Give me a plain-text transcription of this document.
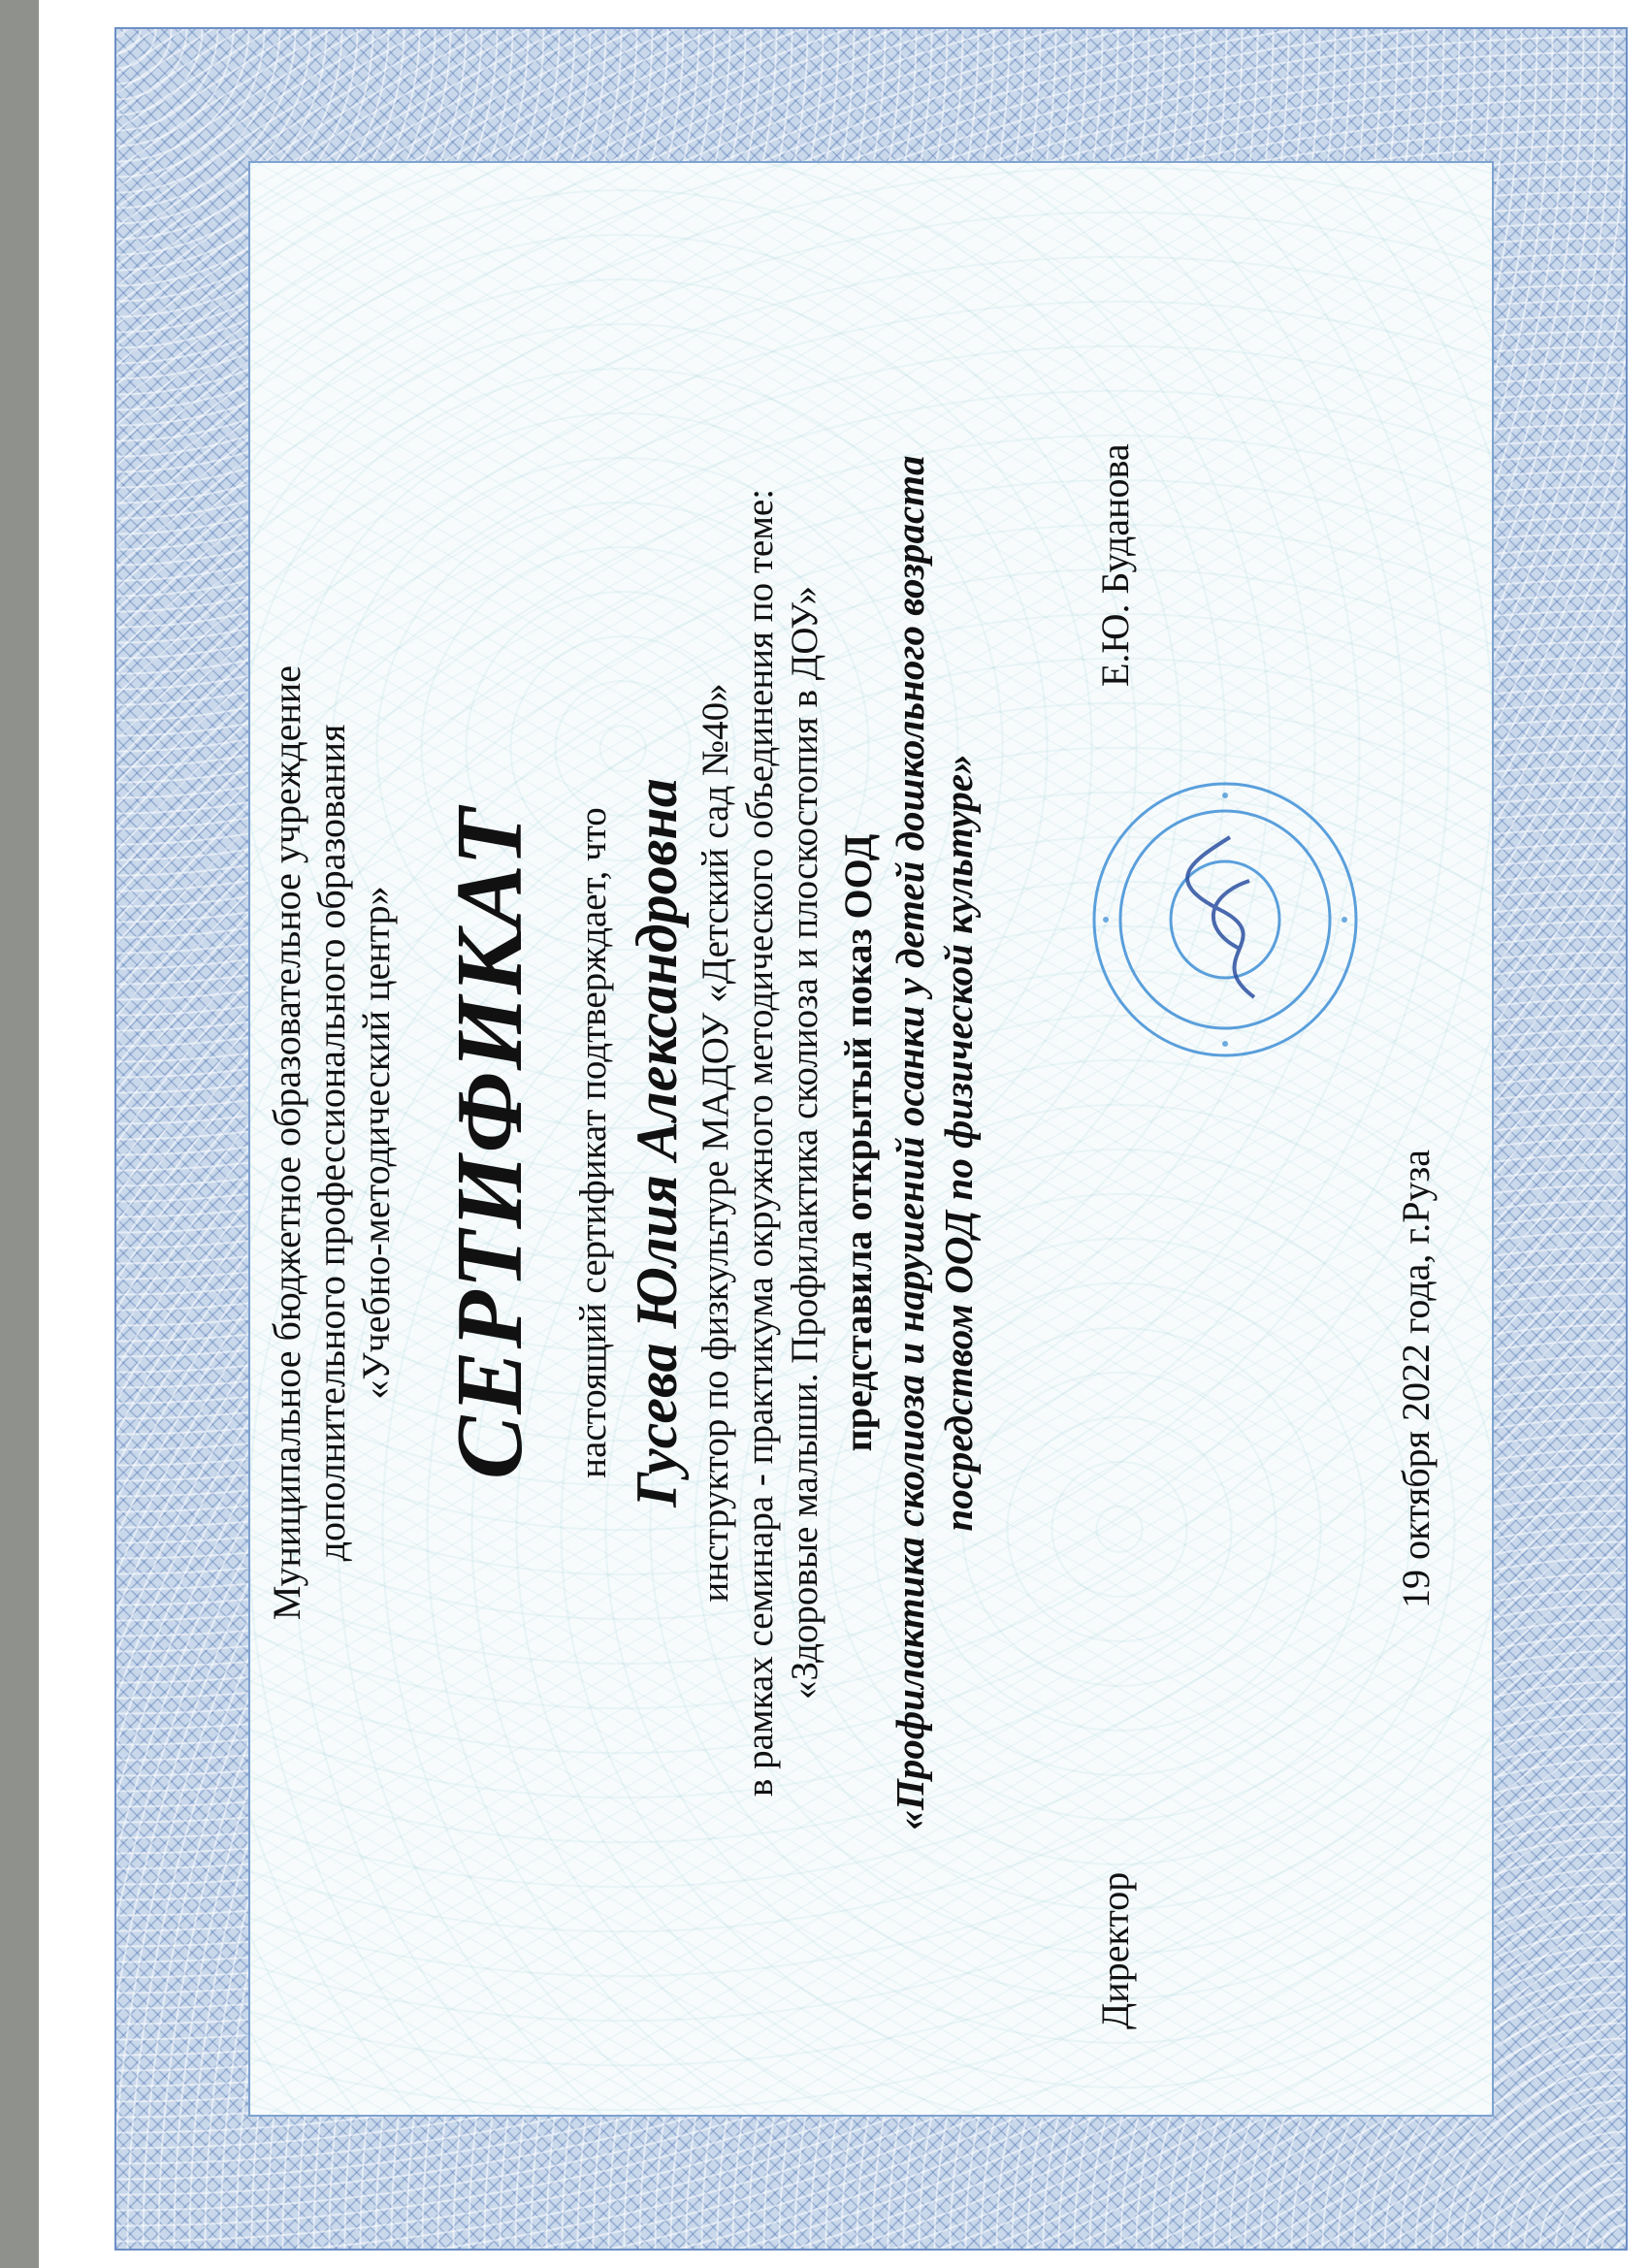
Муниципальное бюджетное образовательное учреждение дополнительного профессионального образования «Учебно-методический центр» СЕРТИФИКАТ настоящий сертификат подтверждает, что Гусева Юлия Александровна инструктор по физкультуре МАДОУ «Детский сад №40» в рамках семинара - практикума окружного методического объединения по теме: «Здоровые малыши. Профилактика сколиоза и плоскостопия в ДОУ» представила открытый показ ООД «Профилактика сколиоза и нарушений осанки у детей дошкольного возраста посредством ООД по физической культуре»
Директор
Е.Ю. Буданова
19 октября 2022 года, г.Руза
